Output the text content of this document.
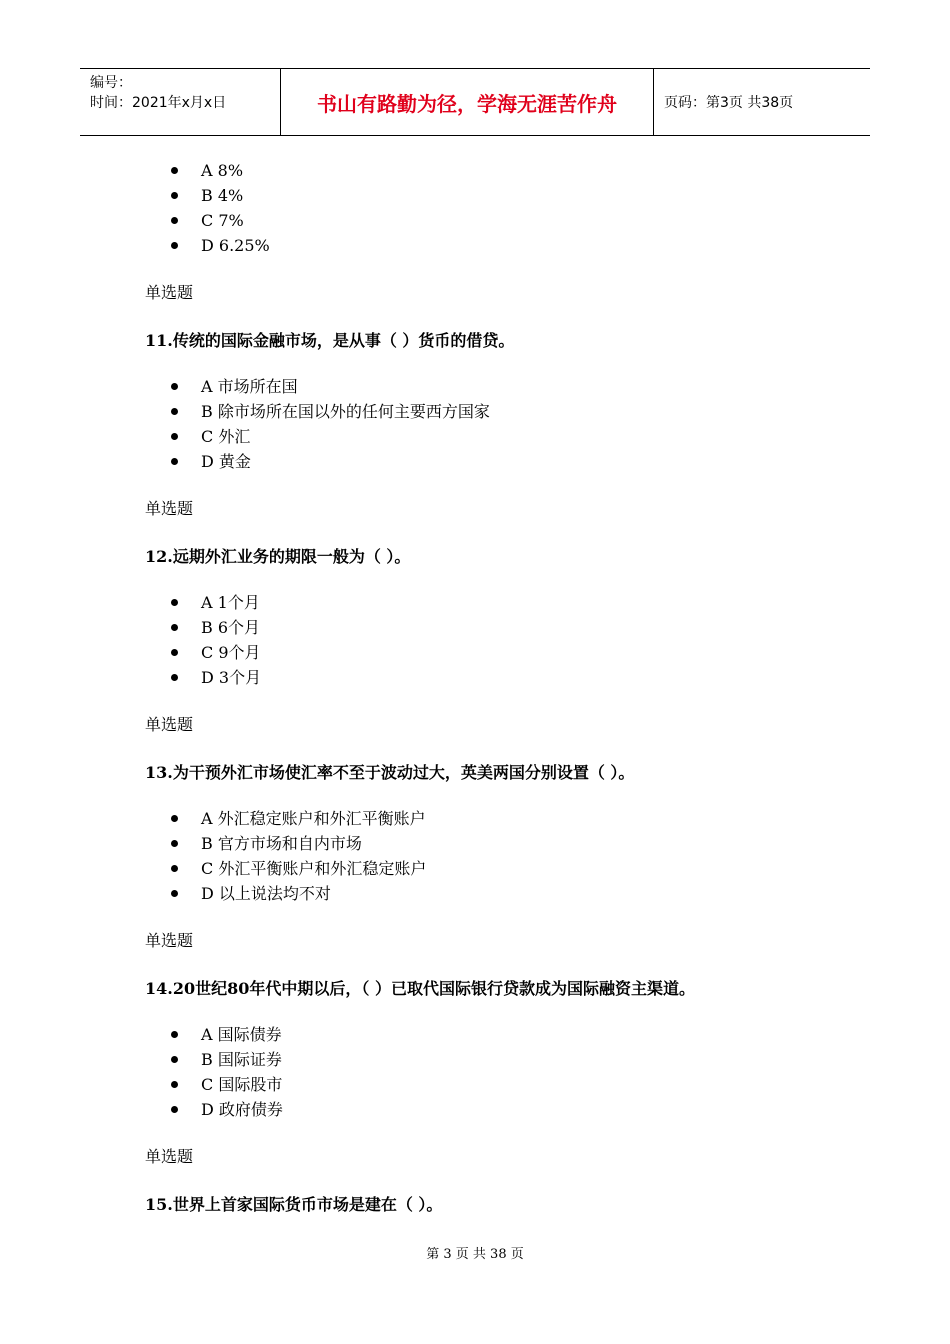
编号：
时间：2021年x月x日	书山有路勤为径，学海无涯苦作舟	页码：第3页 共38页
A 8%
B 4%
C 7%
D 6.25%
单选题
11.传统的国际金融市场，是从事（ ）货币的借贷。
A 市场所在国
B 除市场所在国以外的任何主要西方国家
C 外汇
D 黄金
单选题
12.远期外汇业务的期限一般为（ ）。
A 1个月
B 6个月
C 9个月
D 3个月
单选题
13.为干预外汇市场使汇率不至于波动过大，英美两国分别设置（ ）。
A 外汇稳定账户和外汇平衡账户
B 官方市场和自内市场
C 外汇平衡账户和外汇稳定账户
D 以上说法均不对
单选题
14.20世纪80年代中期以后，（ ）已取代国际银行贷款成为国际融资主渠道。
A 国际债券
B 国际证券
C 国际股市
D 政府债券
单选题
15.世界上首家国际货币市场是建在（ ）。
第 3 页 共 38 页
